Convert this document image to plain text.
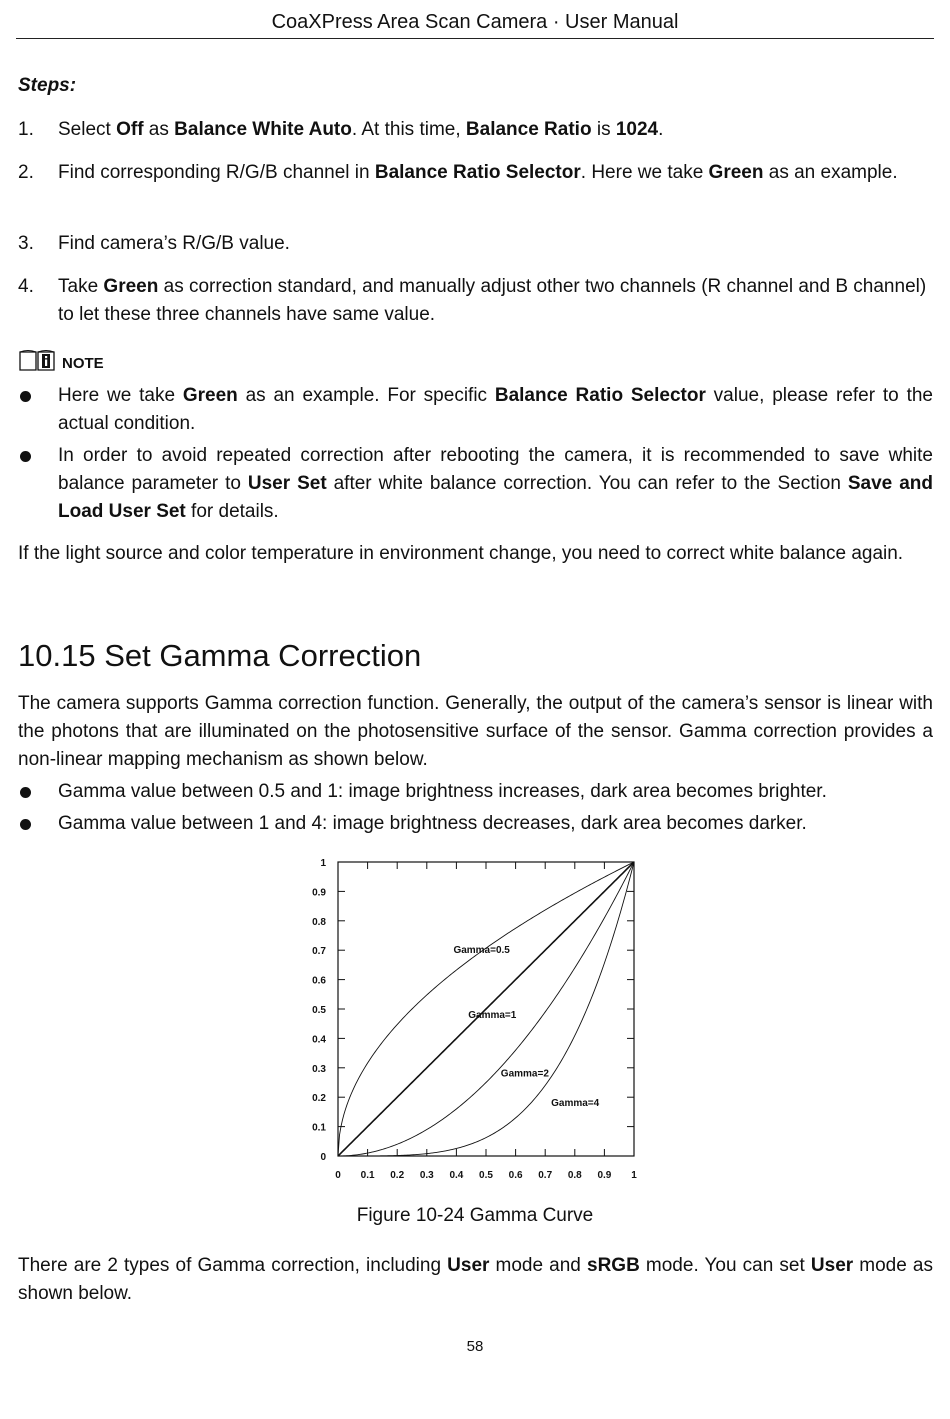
CoaXPress Area Scan Camera · User Manual
Steps:
1. Select Off as Balance White Auto. At this time, Balance Ratio is 1024.
2. Find corresponding R/G/B channel in Balance Ratio Selector. Here we take Green as an example.
3. Find camera’s R/G/B value.
4. Take Green as correction standard, and manually adjust other two channels (R channel and B channel) to let these three channels have same value.
NOTE
Here we take Green as an example. For specific Balance Ratio Selector value, please refer to the actual condition.
In order to avoid repeated correction after rebooting the camera, it is recommended to save white balance parameter to User Set after white balance correction. You can refer to the Section Save and Load User Set for details.
If the light source and color temperature in environment change, you need to correct white balance again.
10.15 Set Gamma Correction
The camera supports Gamma correction function. Generally, the output of the camera’s sensor is linear with the photons that are illuminated on the photosensitive surface of the sensor. Gamma correction provides a non-linear mapping mechanism as shown below.
Gamma value between 0.5 and 1: image brightness increases, dark area becomes brighter.
Gamma value between 1 and 4: image brightness decreases, dark area becomes darker.
0 0.1 0.2 0.3 0.4 0.5 0.6 0.7 0.8 0.9 1
0
0.1
0.2
0.3
0.4
0.5
0.6
0.7
0.8
0.9
1
Gamma=0.5
Gamma=1
Gamma=2
Gamma=4
Figure 10-24 Gamma Curve
There are 2 types of Gamma correction, including User mode and sRGB mode. You can set User mode as shown below.
58
